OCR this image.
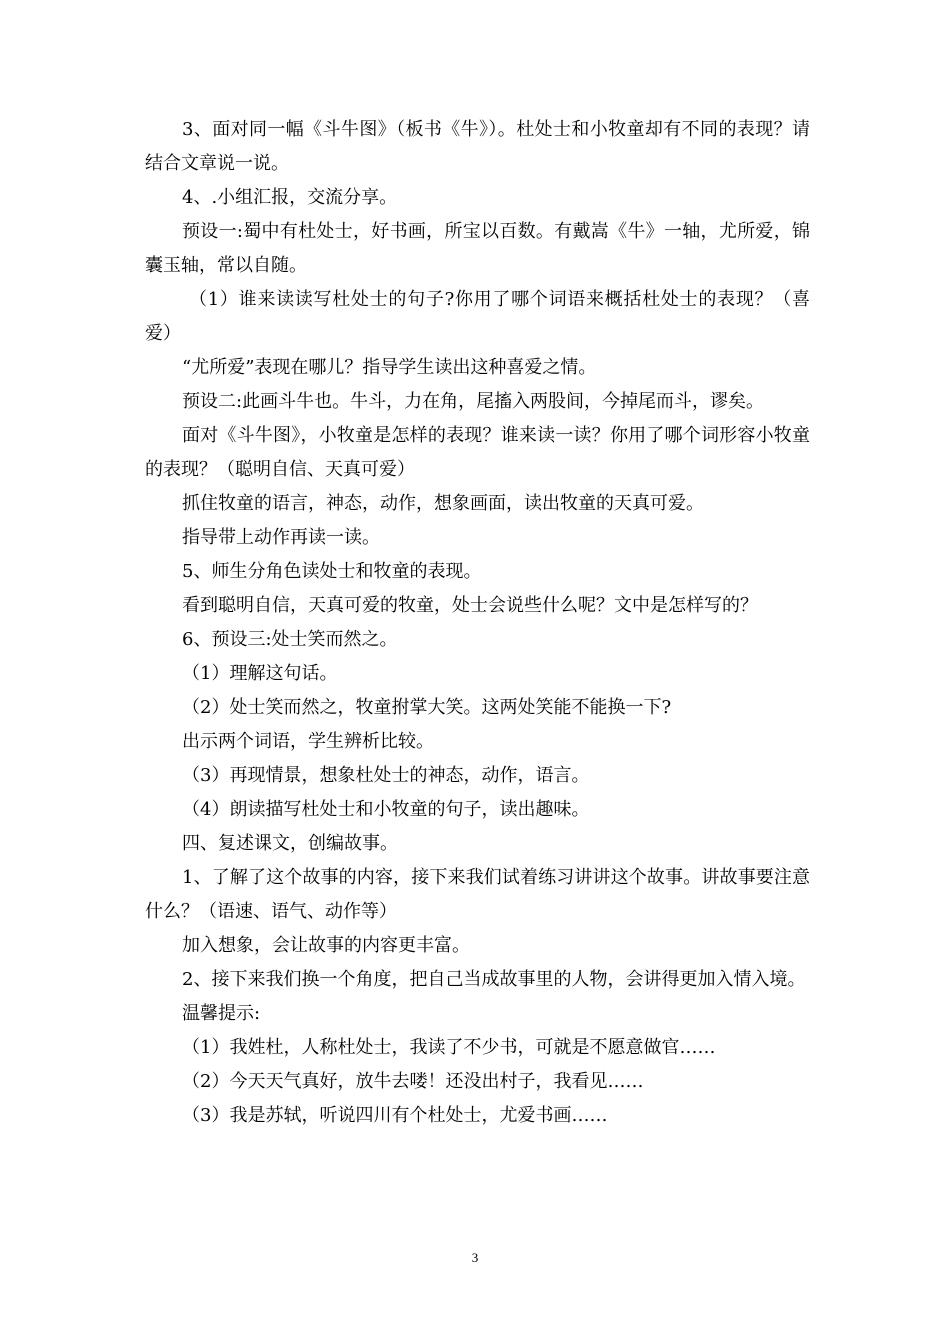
3、面对同一幅《斗牛图》（板书《牛》）。杜处士和小牧童却有不同的表现？请结合文章说一说。

4、.小组汇报，交流分享。

预设一:蜀中有杜处士，好书画，所宝以百数。有戴嵩《牛》一轴，尤所爱，锦囊玉轴，常以自随。

（1）谁来读读写杜处士的句子?你用了哪个词语来概括杜处士的表现？（喜爱）

“尤所爱”表现在哪儿？指导学生读出这种喜爱之情。

预设二:此画斗牛也。牛斗，力在角，尾搐入两股间，今掉尾而斗，谬矣。

面对《斗牛图》，小牧童是怎样的表现？谁来读一读？你用了哪个词形容小牧童的表现？（聪明自信、天真可爱）

抓住牧童的语言，神态，动作，想象画面，读出牧童的天真可爱。

指导带上动作再读一读。

5、师生分角色读处士和牧童的表现。

看到聪明自信，天真可爱的牧童，处士会说些什么呢？文中是怎样写的？

6、预设三:处士笑而然之。

（1）理解这句话。

（2）处士笑而然之，牧童拊掌大笑。这两处笑能不能换一下?

出示两个词语，学生辨析比较。

（3）再现情景，想象杜处士的神态，动作，语言。

（4）朗读描写杜处士和小牧童的句子，读出趣味。

四、复述课文，创编故事。

1、了解了这个故事的内容，接下来我们试着练习讲讲这个故事。讲故事要注意什么？（语速、语气、动作等）

加入想象，会让故事的内容更丰富。

2、接下来我们换一个角度，把自己当成故事里的人物，会讲得更加入情入境。

温馨提示:

（1）我姓杜，人称杜处士，我读了不少书，可就是不愿意做官……

（2）今天天气真好，放牛去喽！还没出村子，我看见……

（3）我是苏轼，听说四川有个杜处士，尤爱书画……

3
